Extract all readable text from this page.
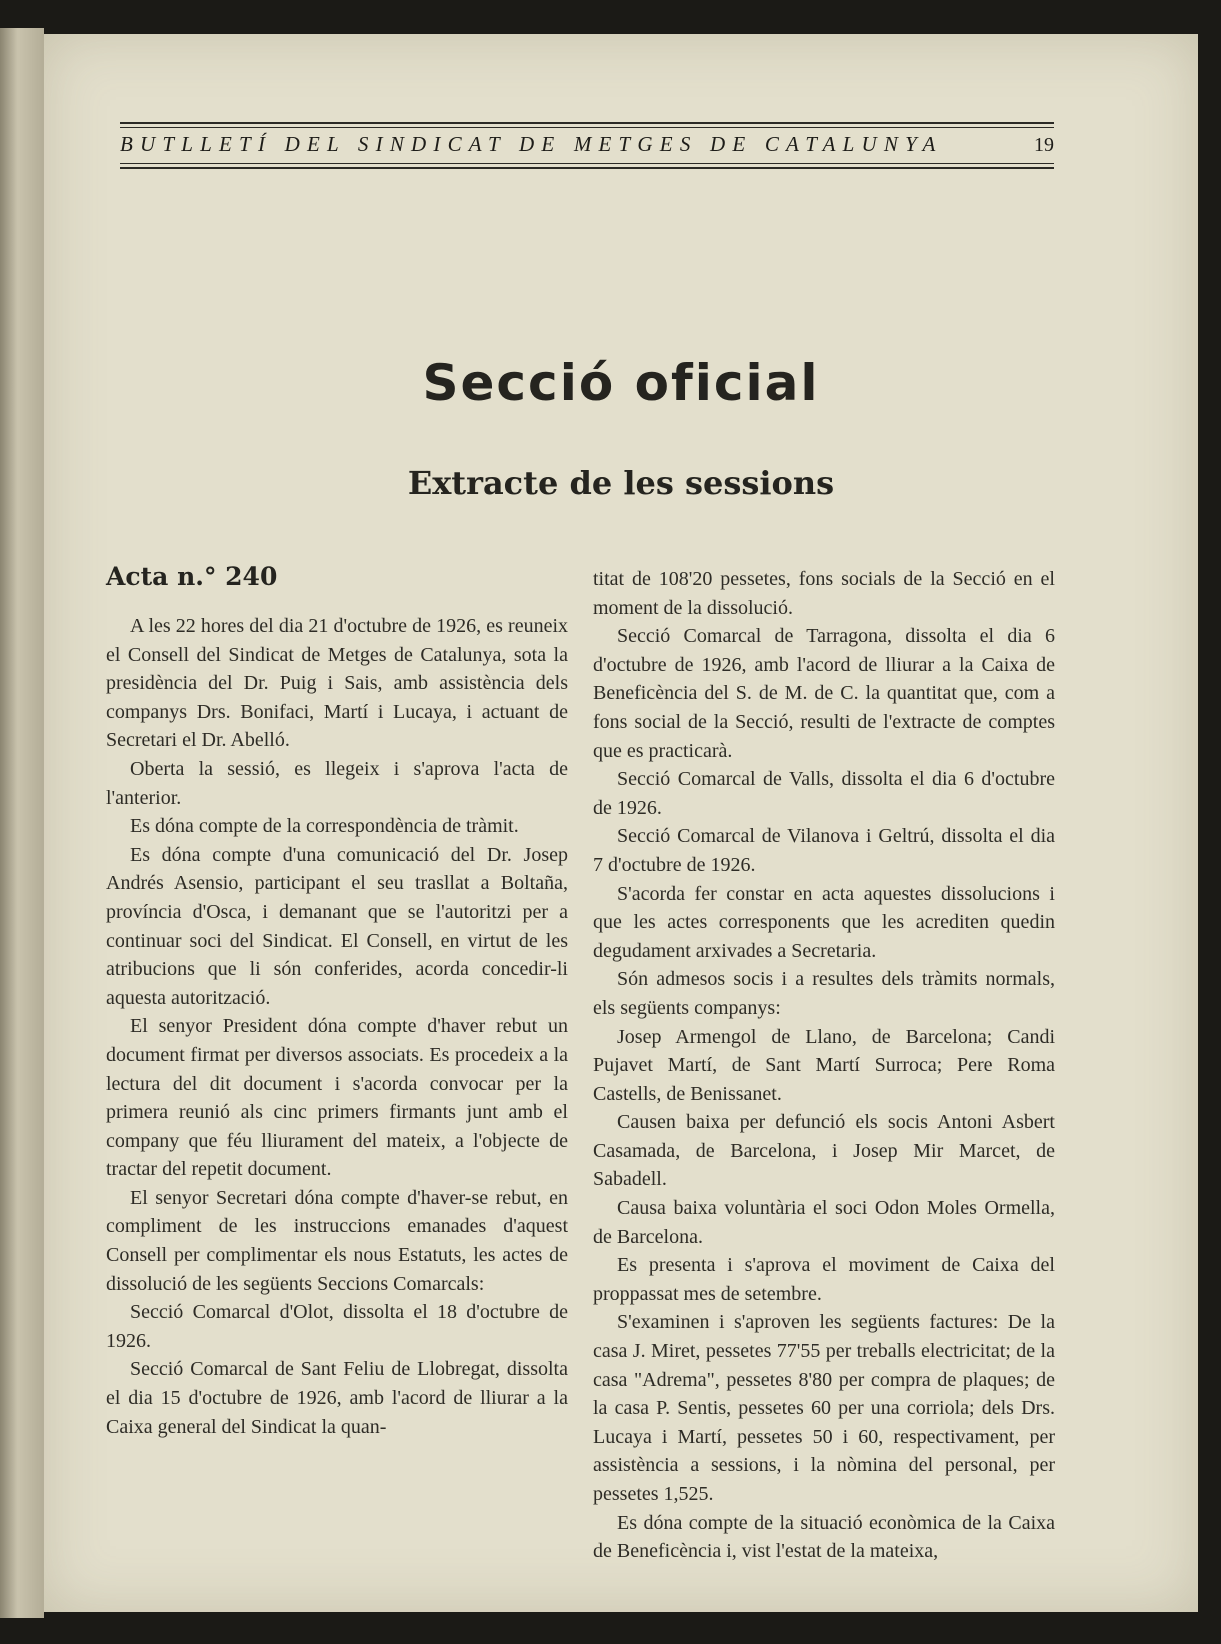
BUTLLETÍ DEL SINDICAT DE METGES DE CATALUNYA	19
Secció oficial
Extracte de les sessions
Acta n.° 240

A les 22 hores del dia 21 d'octubre de 1926, es reuneix el Consell del Sindicat de Metges de Catalunya, sota la presidència del Dr. Puig i Sais, amb assistència dels companys Drs. Bonifaci, Martí i Lucaya, i actuant de Secretari el Dr. Abelló.

Oberta la sessió, es llegeix i s'aprova l'acta de l'anterior.

Es dóna compte de la correspondència de tràmit.

Es dóna compte d'una comunicació del Dr. Josep Andrés Asensio, participant el seu trasllat a Boltaña, província d'Osca, i demanant que se l'autoritzi per a continuar soci del Sindicat. El Consell, en virtut de les atribucions que li són conferides, acorda concedir-li aquesta autorització.

El senyor President dóna compte d'haver rebut un document firmat per diversos associats. Es procedeix a la lectura del dit document i s'acorda convocar per la primera reunió als cinc primers firmants junt amb el company que féu lliurament del mateix, a l'objecte de tractar del repetit document.

El senyor Secretari dóna compte d'haver-se rebut, en compliment de les instruccions emanades d'aquest Consell per complimentar els nous Estatuts, les actes de dissolució de les següents Seccions Comarcals:

Secció Comarcal d'Olot, dissolta el 18 d'octubre de 1926.

Secció Comarcal de Sant Feliu de Llobregat, dissolta el dia 15 d'octubre de 1926, amb l'acord de lliurar a la Caixa general del Sindicat la quan-

titat de 108'20 pessetes, fons socials de la Secció en el moment de la dissolució.

Secció Comarcal de Tarragona, dissolta el dia 6 d'octubre de 1926, amb l'acord de lliurar a la Caixa de Beneficència del S. de M. de C. la quantitat que, com a fons social de la Secció, resulti de l'extracte de comptes que es practicarà.

Secció Comarcal de Valls, dissolta el dia 6 d'octubre de 1926.

Secció Comarcal de Vilanova i Geltrú, dissolta el dia 7 d'octubre de 1926.

S'acorda fer constar en acta aquestes dissolucions i que les actes corresponents que les acrediten quedin degudament arxivades a Secretaria.

Són admesos socis i a resultes dels tràmits normals, els següents companys:

Josep Armengol de Llano, de Barcelona; Candi Pujavet Martí, de Sant Martí Surroca; Pere Roma Castells, de Benissanet.

Causen baixa per defunció els socis Antoni Asbert Casamada, de Barcelona, i Josep Mir Marcet, de Sabadell.

Causa baixa voluntària el soci Odon Moles Ormella, de Barcelona.

Es presenta i s'aprova el moviment de Caixa del proppassat mes de setembre.

S'examinen i s'aproven les següents factures: De la casa J. Miret, pessetes 77'55 per treballs electricitat; de la casa "Adrema", pessetes 8'80 per compra de plaques; de la casa P. Sentis, pessetes 60 per una corriola; dels Drs. Lucaya i Martí, pessetes 50 i 60, respectivament, per assistència a sessions, i la nòmina del personal, per pessetes 1,525.

Es dóna compte de la situació econòmica de la Caixa de Beneficència i, vist l'estat de la mateixa,
